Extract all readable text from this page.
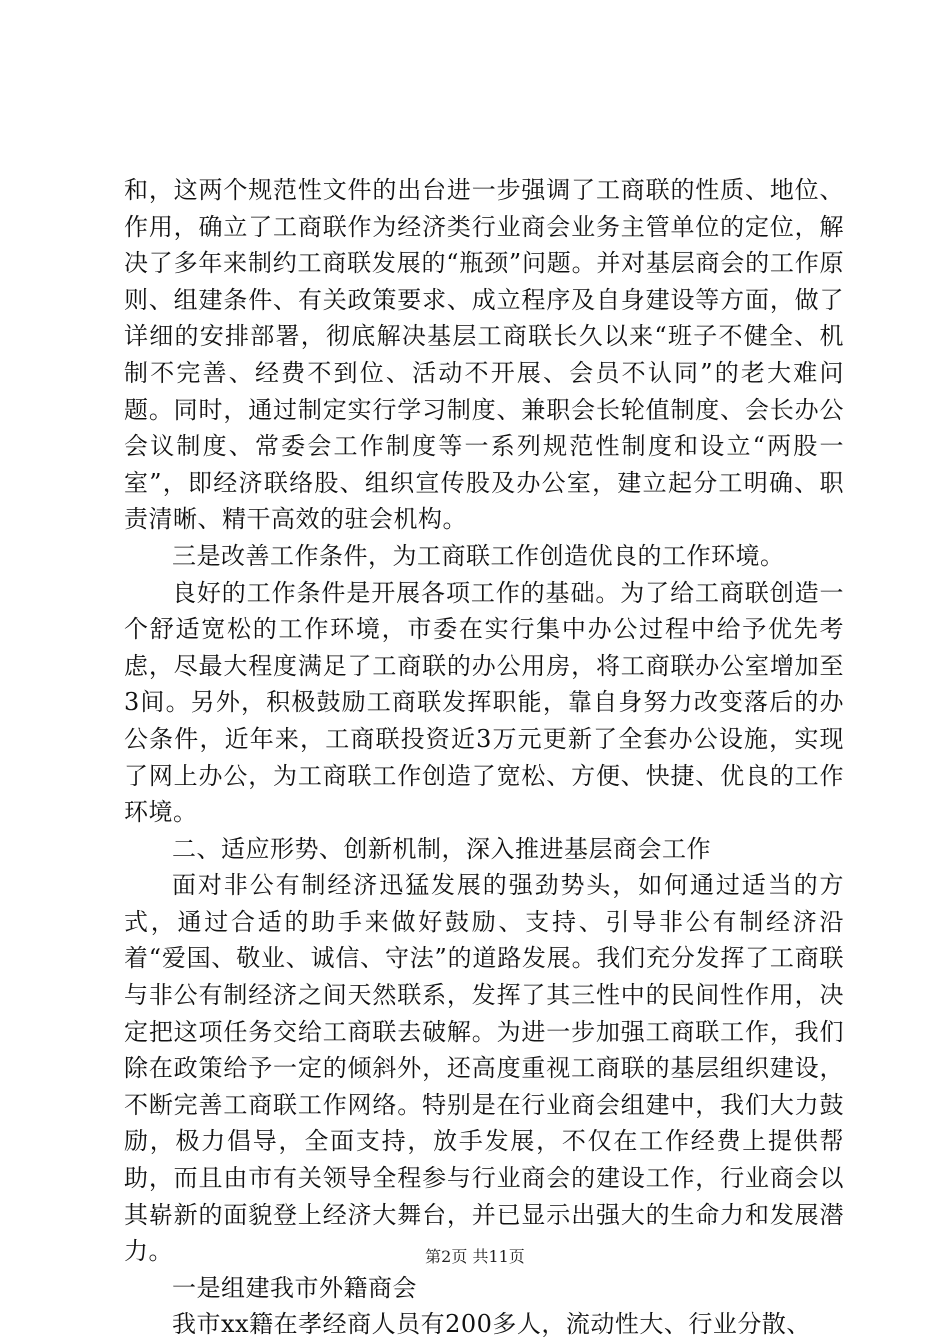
和，这两个规范性文件的出台进一步强调了工商联的性质、地位、作用，确立了工商联作为经济类行业商会业务主管单位的定位，解决了多年来制约工商联发展的“瓶颈”问题。并对基层商会的工作原则、组建条件、有关政策要求、成立程序及自身建设等方面，做了详细的安排部署，彻底解决基层工商联长久以来“班子不健全、机制不完善、经费不到位、活动不开展、会员不认同”的老大难问题。同时，通过制定实行学习制度、兼职会长轮值制度、会长办公会议制度、常委会工作制度等一系列规范性制度和设立“两股一室”，即经济联络股、组织宣传股及办公室，建立起分工明确、职责清晰、精干高效的驻会机构。

三是改善工作条件，为工商联工作创造优良的工作环境。

良好的工作条件是开展各项工作的基础。为了给工商联创造一个舒适宽松的工作环境，市委在实行集中办公过程中给予优先考虑，尽最大程度满足了工商联的办公用房，将工商联办公室增加至3间。另外，积极鼓励工商联发挥职能，靠自身努力改变落后的办公条件，近年来，工商联投资近3万元更新了全套办公设施，实现了网上办公，为工商联工作创造了宽松、方便、快捷、优良的工作环境。

二、适应形势、创新机制，深入推进基层商会工作

面对非公有制经济迅猛发展的强劲势头，如何通过适当的方式，通过合适的助手来做好鼓励、支持、引导非公有制经济沿着“爱国、敬业、诚信、守法”的道路发展。我们充分发挥了工商联与非公有制经济之间天然联系，发挥了其三性中的民间性作用，决定把这项任务交给工商联去破解。为进一步加强工商联工作，我们除在政策给予一定的倾斜外，还高度重视工商联的基层组织建设，不断完善工商联工作网络。特别是在行业商会组建中，我们大力鼓励，极力倡导，全面支持，放手发展，不仅在工作经费上提供帮助，而且由市有关领导全程参与行业商会的建设工作，行业商会以其崭新的面貌登上经济大舞台，并已显示出强大的生命力和发展潜力。

一是组建我市外籍商会

我市xx籍在孝经商人员有200多人，流动性大、行业分散、

第2页 共11页
